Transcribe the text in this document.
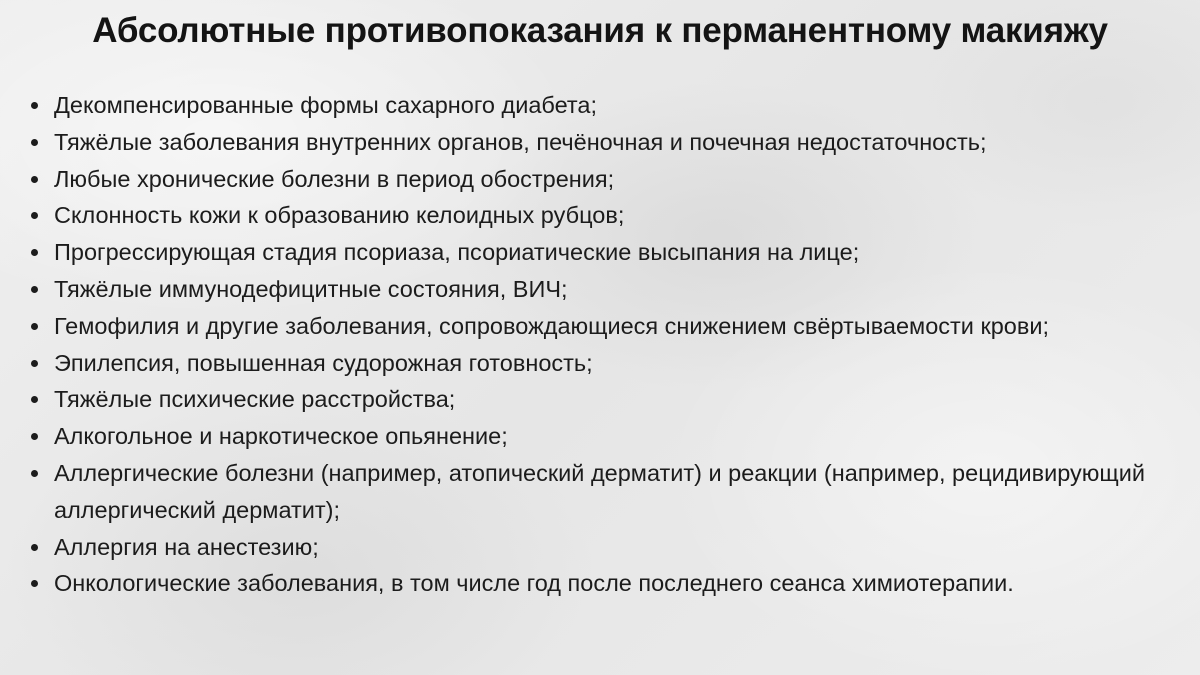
Абсолютные противопоказания к перманентному макияжу
Декомпенсированные формы сахарного диабета;
Тяжёлые заболевания внутренних органов, печёночная и почечная недостаточность;
Любые хронические болезни в период обострения;
Склонность кожи к образованию келоидных рубцов;
Прогрессирующая стадия псориаза, псориатические высыпания на лице;
Тяжёлые иммунодефицитные состояния, ВИЧ;
Гемофилия и другие заболевания, сопровождающиеся снижением свёртываемости крови;
Эпилепсия, повышенная судорожная готовность;
Тяжёлые психические расстройства;
Алкогольное и наркотическое опьянение;
Аллергические болезни (например, атопический дерматит) и реакции (например, рецидивирующий аллергический дерматит);
Аллергия на анестезию;
Онкологические заболевания, в том числе год после последнего сеанса химиотерапии.
